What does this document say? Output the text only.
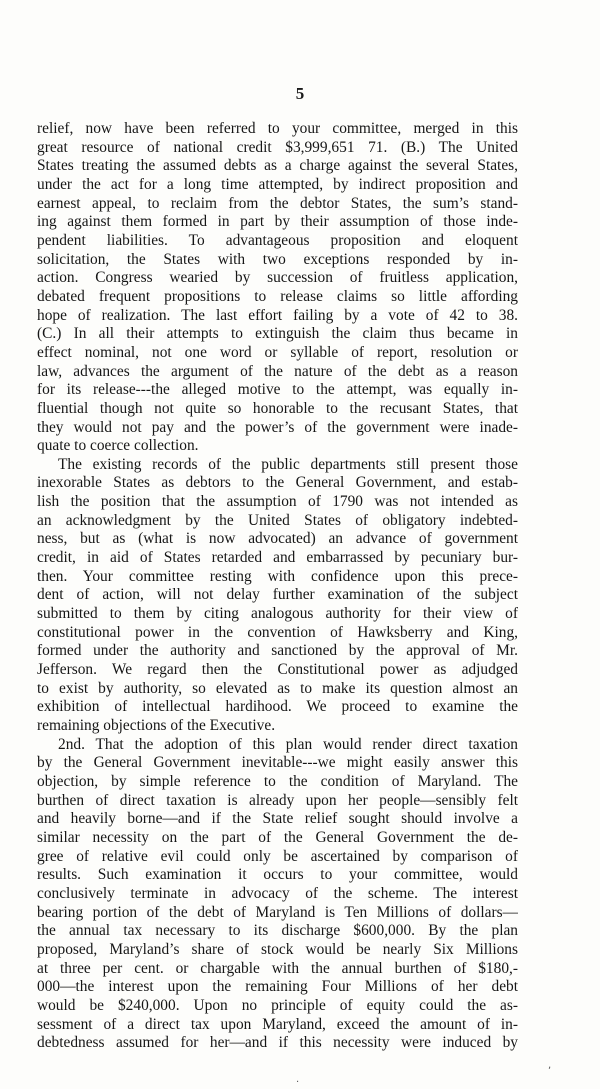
5
relief, now have been referred to your committee, merged in this
great resource of national credit $3,999,651 71. (B.) The United
States treating the assumed debts as a charge against the several States,
under the act for a long time attempted, by indirect proposition and
earnest appeal, to reclaim from the debtor States, the sum’s stand-
ing against them formed in part by their assumption of those inde-
pendent liabilities. To advantageous proposition and eloquent
solicitation, the States with two exceptions responded by in-
action. Congress wearied by succession of fruitless application,
debated frequent propositions to release claims so little affording
hope of realization. The last effort failing by a vote of 42 to 38.
(C.) In all their attempts to extinguish the claim thus became in
effect nominal, not one word or syllable of report, resolution or
law, advances the argument of the nature of the debt as a reason
for its release---the alleged motive to the attempt, was equally in-
fluential though not quite so honorable to the recusant States, that
they would not pay and the power’s of the government were inade-
quate to coerce collection.
The existing records of the public departments still present those
inexorable States as debtors to the General Government, and estab-
lish the position that the assumption of 1790 was not intended as
an acknowledgment by the United States of obligatory indebted-
ness, but as (what is now advocated) an advance of government
credit, in aid of States retarded and embarrassed by pecuniary bur-
then. Your committee resting with confidence upon this prece-
dent of action, will not delay further examination of the subject
submitted to them by citing analogous authority for their view of
constitutional power in the convention of Hawksberry and King,
formed under the authority and sanctioned by the approval of Mr.
Jefferson. We regard then the Constitutional power as adjudged
to exist by authority, so elevated as to make its question almost an
exhibition of intellectual hardihood. We proceed to examine the
remaining objections of the Executive.
2nd. That the adoption of this plan would render direct taxation
by the General Government inevitable---we might easily answer this
objection, by simple reference to the condition of Maryland. The
burthen of direct taxation is already upon her people—sensibly felt
and heavily borne—and if the State relief sought should involve a
similar necessity on the part of the General Government the de-
gree of relative evil could only be ascertained by comparison of
results. Such examination it occurs to your committee, would
conclusively terminate in advocacy of the scheme. The interest
bearing portion of the debt of Maryland is Ten Millions of dollars—
the annual tax necessary to its discharge $600,000. By the plan
proposed, Maryland’s share of stock would be nearly Six Millions
at three per cent. or chargable with the annual burthen of $180,-
000—the interest upon the remaining Four Millions of her debt
would be $240,000. Upon no principle of equity could the as-
sessment of a direct tax upon Maryland, exceed the amount of in-
debtedness assumed for her—and if this necessity were induced by
,
.
